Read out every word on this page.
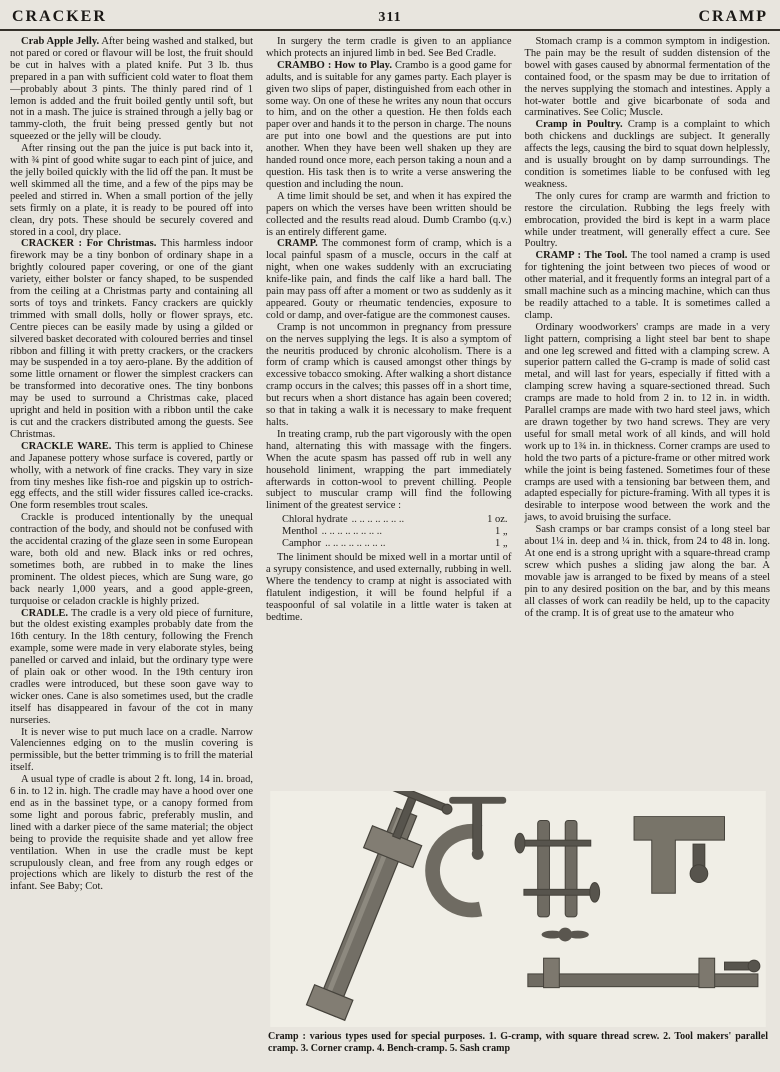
CRACKER	311	CRAMP

Crab Apple Jelly. After being washed and stalked, but not pared or cored or flavour will be lost, the fruit should be cut in halves with a plated knife. Put 3 lb. thus prepared in a pan with sufficient cold water to float them—probably about 3 pints. The thinly pared rind of 1 lemon is added and the fruit boiled gently until soft, but not in a mash. The juice is strained through a jelly bag or tammy-cloth, the fruit being pressed gently but not squeezed or the jelly will be cloudy.

After rinsing out the pan the juice is put back into it, with ¾ pint of good white sugar to each pint of juice, and the jelly boiled quickly with the lid off the pan. It must be well skimmed all the time, and a few of the pips may be peeled and stirred in. When a small portion of the jelly sets firmly on a plate, it is ready to be poured off into clean, dry pots. These should be securely covered and stored in a cool, dry place.

CRACKER : For Christmas. This harmless indoor firework may be a tiny bonbon of ordinary shape in a brightly coloured paper covering, or one of the giant variety, either bolster or fancy shaped, to be suspended from the ceiling at a Christmas party and containing all sorts of toys and trinkets. Fancy crackers are quickly trimmed with small dolls, holly or flower sprays, etc. Centre pieces can be easily made by using a gilded or silvered basket decorated with coloured berries and tinsel ribbon and filling it with pretty crackers, or the crackers may be suspended in a toy aero-plane. By the addition of some little ornament or flower the simplest crackers can be transformed into decorative ones. The tiny bonbons may be used to surround a Christmas cake, placed upright and held in position with a ribbon until the cake is cut and the crackers distributed among the guests. See Christmas.

CRACKLE WARE. This term is applied to Chinese and Japanese pottery whose surface is covered, partly or wholly, with a network of fine cracks. They vary in size from tiny meshes like fish-roe and pigskin up to ostrich-egg effects, and the still wider fissures called ice-cracks. One form resembles trout scales.

Crackle is produced intentionally by the unequal contraction of the body, and should not be confused with the accidental crazing of the glaze seen in some European ware, both old and new. Black inks or red ochres, sometimes both, are rubbed in to make the lines prominent. The oldest pieces, which are Sung ware, go back nearly 1,000 years, and a good apple-green, turquoise or celadon crackle is highly prized.

CRADLE. The cradle is a very old piece of furniture, but the oldest existing examples probably date from the 16th century. In the 18th century, following the French example, some were made in very elaborate styles, being panelled or carved and inlaid, but the ordinary type were of plain oak or other wood. In the 19th century iron cradles were introduced, but these soon gave way to wicker ones. Cane is also sometimes used, but the cradle itself has disappeared in favour of the cot in many nurseries.

It is never wise to put much lace on a cradle. Narrow Valenciennes edging on to the muslin covering is permissible, but the better trimming is to frill the material itself.

A usual type of cradle is about 2 ft. long, 14 in. broad, 6 in. to 12 in. high. The cradle may have a hood over one end as in the bassinet type, or a canopy formed from some light and porous fabric, preferably muslin, and lined with a darker piece of the same material; the object being to provide the requisite shade and yet allow free ventilation. When in use the cradle must be kept scrupulously clean, and free from any rough edges or projections which are likely to disturb the rest of the infant. See Baby; Cot.

In surgery the term cradle is given to an appliance which protects an injured limb in bed. See Bed Cradle.

CRAMBO : How to Play. Crambo is a good game for adults, and is suitable for any games party. Each player is given two slips of paper, distinguished from each other in some way. On one of these he writes any noun that occurs to him, and on the other a question. He then folds each paper over and hands it to the person in charge. The nouns are put into one bowl and the questions are put into another. When they have been well shaken up they are handed round once more, each person taking a noun and a question. His task then is to write a verse answering the question and including the noun.

A time limit should be set, and when it has expired the papers on which the verses have been written should be collected and the results read aloud. Dumb Crambo (q.v.) is an entirely different game.

CRAMP. The commonest form of cramp, which is a local painful spasm of a muscle, occurs in the calf at night, when one wakes suddenly with an excruciating knife-like pain, and finds the calf like a hard ball. The pain may pass off after a moment or two as suddenly as it appeared. Gouty or rheumatic tendencies, exposure to cold or damp, and over-fatigue are the commonest causes.

Cramp is not uncommon in pregnancy from pressure on the nerves supplying the legs. It is also a symptom of the neuritis produced by chronic alcoholism. There is a form of cramp which is caused amongst other things by excessive tobacco smoking. After walking a short distance cramp occurs in the calves; this passes off in a short time, but recurs when a short distance has again been covered; so that in taking a walk it is necessary to make frequent halts.

In treating cramp, rub the part vigorously with the open hand, alternating this with massage with the fingers. When the acute spasm has passed off rub in well any household liniment, wrapping the part immediately afterwards in cotton-wool to prevent chilling. People subject to muscular cramp will find the following liniment of the greatest service :

Chloral hydrate .. .. .. .. .. .. ..	1 oz.
Menthol .. .. .. .. .. .. .. ..	1 „
Camphor .. .. .. .. .. .. .. ..	1 „

The liniment should be mixed well in a mortar until of a syrupy consistence, and used externally, rubbing in well. Where the tendency to cramp at night is associated with flatulent indigestion, it will be found helpful if a teaspoonful of sal volatile in a little water is taken at bedtime.

Stomach cramp is a common symptom in indigestion. The pain may be the result of sudden distension of the bowel with gases caused by abnormal fermentation of the contained food, or the spasm may be due to irritation of the nerves supplying the stomach and intestines. Apply a hot-water bottle and give bicarbonate of soda and carminatives. See Colic; Muscle.

Cramp in Poultry. Cramp is a complaint to which both chickens and ducklings are subject. It generally affects the legs, causing the bird to squat down helplessly, and is usually brought on by damp surroundings. The condition is sometimes liable to be confused with leg weakness.

The only cures for cramp are warmth and friction to restore the circulation. Rubbing the legs freely with embrocation, provided the bird is kept in a warm place while under treatment, will generally effect a cure. See Poultry.

CRAMP : The Tool. The tool named a cramp is used for tightening the joint between two pieces of wood or other material, and it frequently forms an integral part of a small machine such as a mincing machine, which can thus be readily attached to a table. It is sometimes called a clamp.

Ordinary woodworkers' cramps are made in a very light pattern, comprising a light steel bar bent to shape and one leg screwed and fitted with a clamping screw. A superior pattern called the G-cramp is made of solid cast metal, and will last for years, especially if fitted with a clamping screw having a square-sectioned thread. Such cramps are made to hold from 2 in. to 12 in. in width. Parallel cramps are made with two hard steel jaws, which are drawn together by two hand screws. They are very useful for small metal work of all kinds, and will hold work up to 1¾ in. in thickness. Corner cramps are used to hold the two parts of a picture-frame or other mitred work while the joint is being fastened. Sometimes four of these cramps are used with a tensioning bar between them, and adapted especially for picture-framing. With all types it is desirable to interpose wood between the work and the jaws, to avoid bruising the surface.

Sash cramps or bar cramps consist of a long steel bar about 1¼ in. deep and ¼ in. thick, from 24 to 48 in. long. At one end is a strong upright with a square-thread cramp screw which pushes a sliding jaw along the bar. A movable jaw is arranged to be fixed by means of a steel pin to any desired position on the bar, and by this means all classes of work can readily be held, up to the capacity of the cramp. It is of great use to the amateur who

Cramp : various types used for special purposes. 1. G-cramp, with square thread screw. 2. Tool makers' parallel cramp. 3. Corner cramp. 4. Bench-cramp. 5. Sash cramp
